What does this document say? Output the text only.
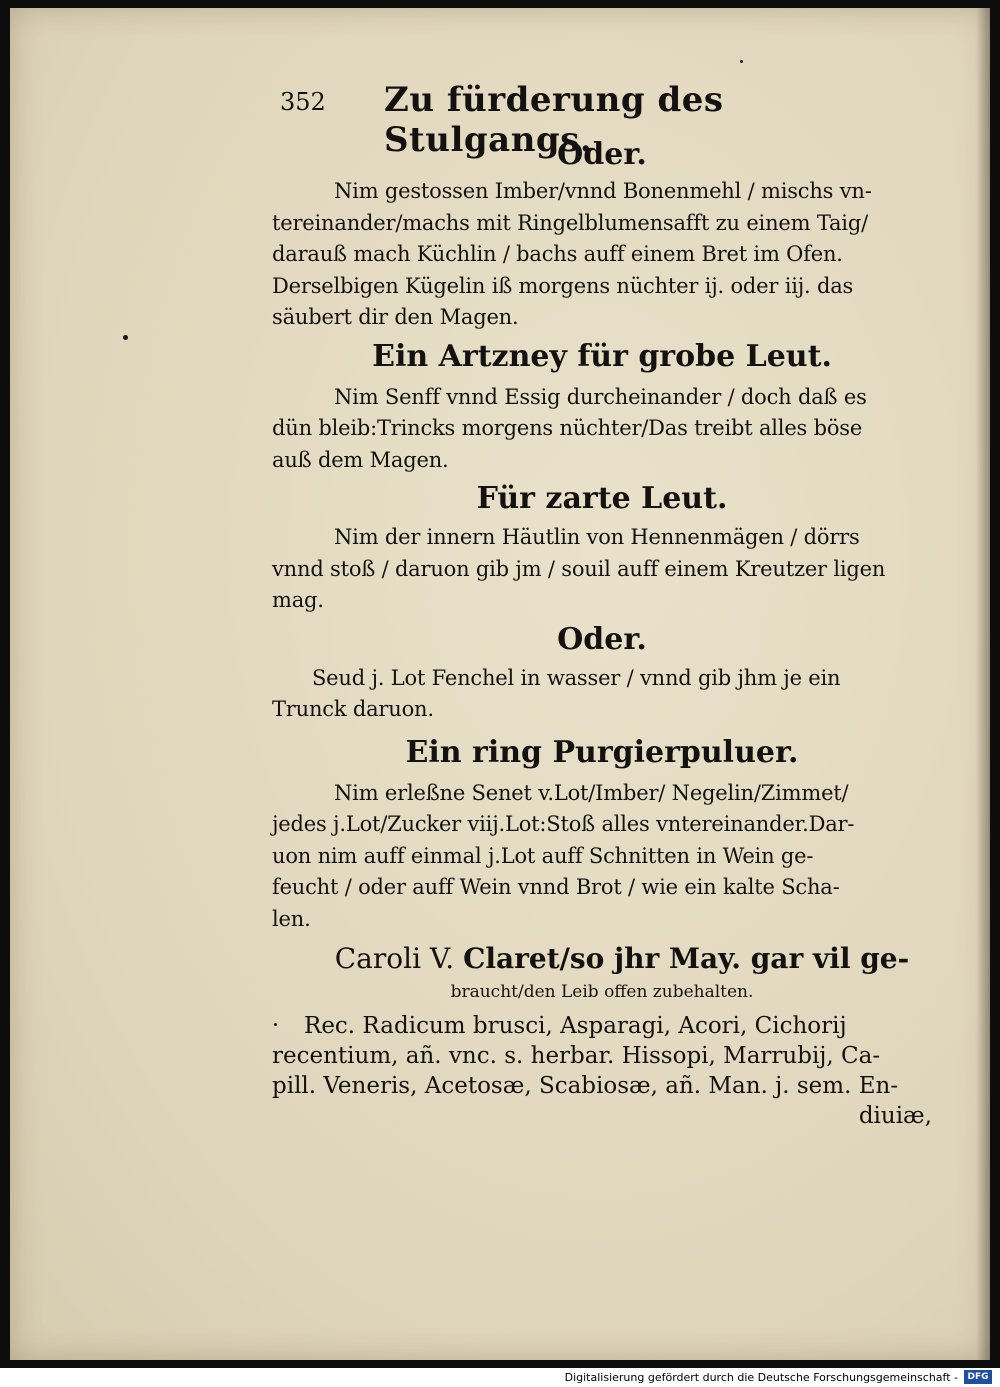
352 Zu fürderung des Stulgangs.

Oder.

Nim gestossen Imber/vnnd Bonenmehl / mischs vn-
tereinander/machs mit Ringelblumensafft zu einem Taig/
darauß mach Küchlin / bachs auff einem Bret im Ofen.
Derselbigen Kügelin iß morgens nüchter ij. oder iij. das
säubert dir den Magen.

Ein Artzney für grobe Leut.

Nim Senff vnnd Essig durcheinander / doch daß es
dün bleib:Trincks morgens nüchter/Das treibt alles böse
auß dem Magen.

Für zarte Leut.

Nim der innern Häutlin von Hennenmägen / dörrs
vnnd stoß / daruon gib jm / souil auff einem Kreutzer ligen
mag.

Oder.

Seud j. Lot Fenchel in wasser / vnnd gib jhm je ein
Trunck daruon.

Ein ring Purgierpuluer.

Nim erleßne Senet v.Lot/Imber/ Negelin/Zimmet/
jedes j.Lot/Zucker viij.Lot:Stoß alles vntereinander.Dar-
uon nim auff einmal j.Lot auff Schnitten in Wein ge-
feucht / oder auff Wein vnnd Brot / wie ein kalte Scha-
len.
Caroli V. Claret/so jhr May. gar vil ge-

braucht/den Leib offen zubehalten.

Rec. Radicum brusci, Asparagi, Acori, Cichorij
recentium, añ. vnc. s. herbar. Hissopi, Marrubij, Ca-
pill. Veneris, Acetosæ, Scabiosæ, añ. Man. j. sem. En-
diuiæ,
Digitalisierung gefördert durch die Deutsche Forschungsgemeinschaft -	DFG
